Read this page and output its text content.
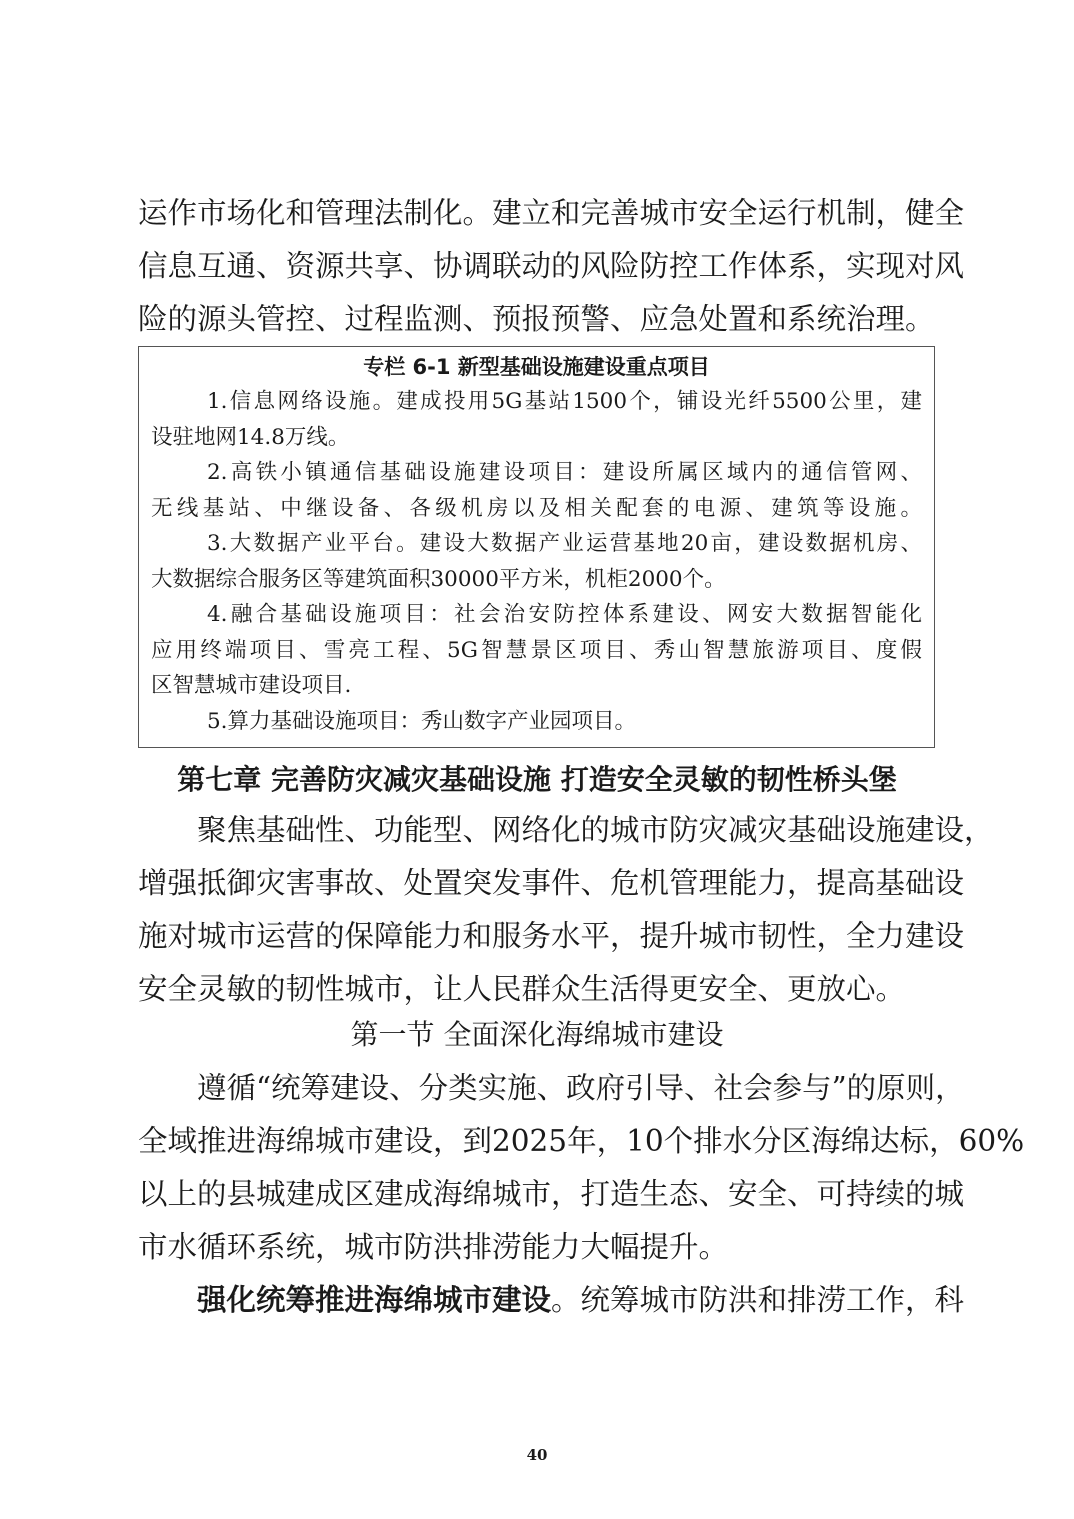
运作市场化和管理法制化。建立和完善城市安全运行机制，健全
信息互通、资源共享、协调联动的风险防控工作体系，实现对风
险的源头管控、过程监测、预报预警、应急处置和系统治理。
专栏 6-1 新型基础设施建设重点项目
1.信息网络设施。建成投用5G基站1500个，铺设光纤5500公里，建
设驻地网14.8万线。
2.高铁小镇通信基础设施建设项目：建设所属区域内的通信管网、
无线基站、中继设备、各级机房以及相关配套的电源、建筑等设施。
3.大数据产业平台。建设大数据产业运营基地20亩，建设数据机房、
大数据综合服务区等建筑面积30000平方米，机柜2000个。
4.融合基础设施项目：社会治安防控体系建设、网安大数据智能化
应用终端项目、雪亮工程、5G智慧景区项目、秀山智慧旅游项目、度假
区智慧城市建设项目.
5.算力基础设施项目：秀山数字产业园项目。
第七章 完善防灾减灾基础设施 打造安全灵敏的韧性桥头堡
聚焦基础性、功能型、网络化的城市防灾减灾基础设施建设，
增强抵御灾害事故、处置突发事件、危机管理能力，提高基础设
施对城市运营的保障能力和服务水平，提升城市韧性，全力建设
安全灵敏的韧性城市，让人民群众生活得更安全、更放心。
第一节 全面深化海绵城市建设
遵循“统筹建设、分类实施、政府引导、社会参与”的原则，
全域推进海绵城市建设，到2025年，10个排水分区海绵达标，60%
以上的县城建成区建成海绵城市，打造生态、安全、可持续的城
市水循环系统，城市防洪排涝能力大幅提升。
强化统筹推进海绵城市建设。统筹城市防洪和排涝工作，科
40
